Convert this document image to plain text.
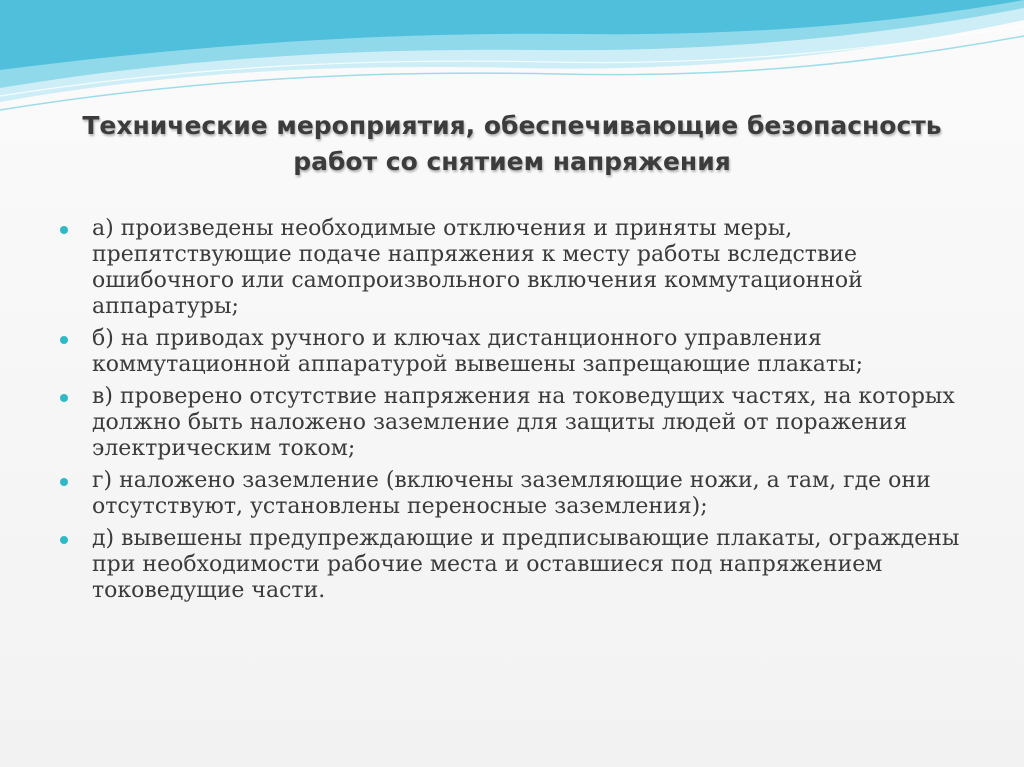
Технические мероприятия, обеспечивающие безопасность
работ со снятием напряжения
а) произведены необходимые отключения и приняты меры, препятствующие подаче напряжения к месту работы вследствие ошибочного или самопроизвольного включения коммутационной аппаратуры;
б) на приводах ручного и ключах дистанционного управления коммутационной аппаратурой вывешены запрещающие плакаты;
в) проверено отсутствие напряжения на токоведущих частях, на которых должно быть наложено заземление для защиты людей от поражения электрическим током;
г) наложено заземление (включены заземляющие ножи, а там, где они отсутствуют, установлены переносные заземления);
д) вывешены предупреждающие и предписывающие плакаты, ограждены при необходимости рабочие места и оставшиеся под напряжением токоведущие части.
